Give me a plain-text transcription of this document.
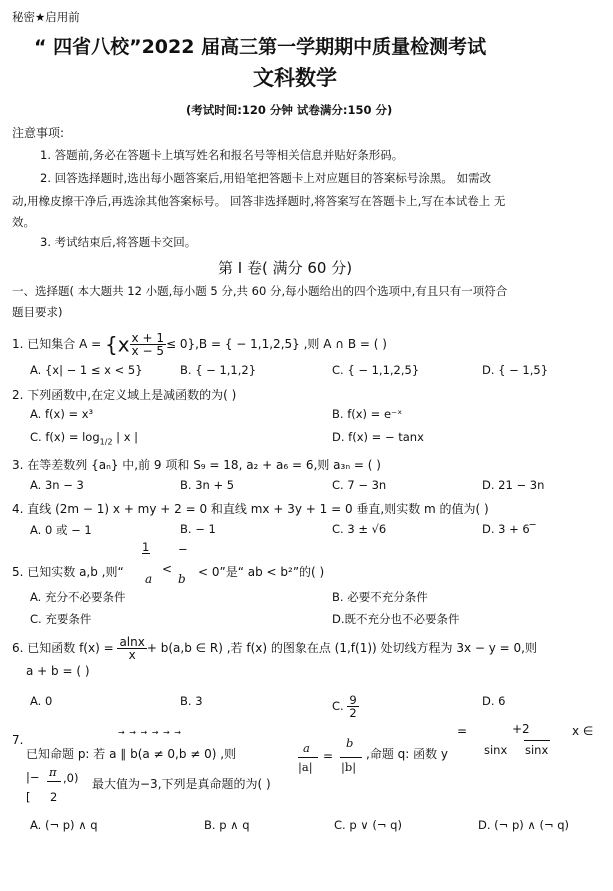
秘密★启用前
“ 四省八校”2022 届高三第一学期期中质量检测考试
文科数学
(考试时间:120 分钟 试卷满分:150 分)
注意事项:
1. 答题前,务必在答题卡上填写姓名和报名号等相关信息并贴好条形码。
2. 回答选择题时,选出每小题答案后,用铅笔把答题卡上对应题目的答案标号涂黑。 如需改
动,用橡皮擦干净后,再选涂其他答案标号。 回答非选择题时,将答案写在答题卡上,写在本试卷上 无
效。
3. 考试结束后,将答题卡交回。
第 Ⅰ 卷( 满分 60 分)
一、选择题( 本大题共 12 小题,每小题 5 分,共 60 分,每小题给出的四个选项中,有且只有一项符合
题目要求)
1. 已知集合 $A = \{x \frac{x + 1}{x - 5} \le 0\},B$ = { − 1,1,2,5} ,则 A ∩ B = ( )
A. {x| − 1 ≤ x < 5}	B. { − 1,1,2}	C. { − 1,1,2,5}	D. { − 1,5}
2. 下列函数中,在定义域上是减函数的为( )
A. f(x) = x³	B. f(x) = e⁻ˣ
C. $f(x) = \log_{1/2}$ | x |	D. f(x) = − tanx
3. 在等差数列 {aₙ} 中,前 9 项和 S₉ = 18, a₂ + a₆ = 6,则 a₃ₙ = ( )
A. 3n − 3	B. 3n + 5	C. 7 − 3n	D. 21 − 3n
4. 直线 (2m − 1) x + my + 2 = 0 和直线 mx + 3y + 1 = 0 垂直,则实数 m 的值为( )
A. 0 或 − 1	B. − 1	C. 3 ± √6	D. 3 + 6‾
1 −
5. 已知实数 a,b ,则“ a
<
b < 0”是“ ab < b²”的( )
A. 充分不必要条件	B. 必要不充分条件
C. 充要条件	D.既不充分也不必要条件
6. 已知函数 $f(x) = \frac{alnx}{x} + b(a,b$ ∈ R) ,若 f(x) 的图象在点 (1,f(1)) 处切线方程为 3x − y = 0,则
a + b = ( )
A. 0	B. 3	C. $\frac{9}{2}$	D. 6
7.
→ → → → → →
已知命题 p: 若 a ∥ b(a ≠ 0,b ≠ 0) ,则	a
|a|
=
b
|b|
,命题 q: 函数 y
=
sinx
+2
sinx
x ∈
|− π ,0)
[ 2
最大值为−3,下列是真命题的为( )
A. (¬ p) ∧ q	B. p ∧ q	C. p ∨ (¬ q)	D. (¬ p) ∧ (¬ q)
